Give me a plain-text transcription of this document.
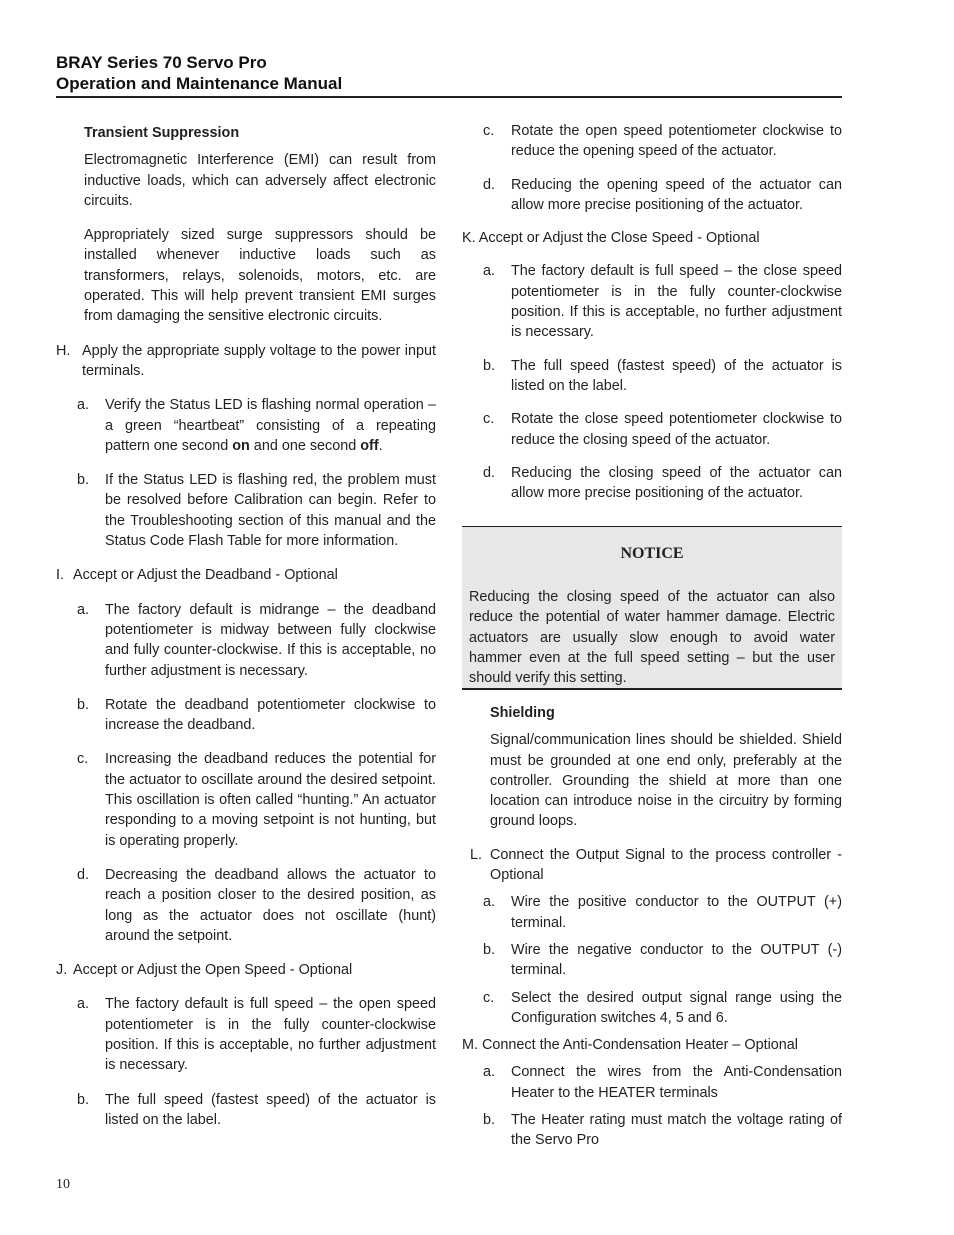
BRAY Series 70 Servo Pro
Operation and Maintenance Manual
Transient Suppression
Electromagnetic Interference (EMI) can result from inductive loads, which can adversely affect electronic circuits.
Appropriately sized surge suppressors should be installed whenever inductive loads such as transformers, relays, solenoids, motors, etc. are operated. This will help prevent transient EMI surges from damaging the sensitive electronic circuits.
H. Apply the appropriate supply voltage to the power input terminals.
a. Verify the Status LED is flashing normal operation – a green “heartbeat” consisting of a repeating pattern one second on and one second off.
b. If the Status LED is flashing red, the problem must be resolved before Calibration can begin. Refer to the Troubleshooting section of this manual and the Status Code Flash Table for more information.
I. Accept or Adjust the Deadband - Optional
a. The factory default is midrange – the deadband potentiometer is midway between fully clockwise and fully counter-clockwise. If this is acceptable, no further adjustment is necessary.
b. Rotate the deadband potentiometer clockwise to increase the deadband.
c. Increasing the deadband reduces the potential for the actuator to oscillate around the desired setpoint. This oscillation is often called “hunting.” An actuator responding to a moving setpoint is not hunting, but is operating properly.
d. Decreasing the deadband allows the actuator to reach a position closer to the desired position, as long as the actuator does not oscillate (hunt) around the setpoint.
J. Accept or Adjust the Open Speed - Optional
a. The factory default is full speed – the open speed potentiometer is in the fully counter-clockwise position. If this is acceptable, no further adjustment is necessary.
b. The full speed (fastest speed) of the actuator is listed on the label.
c. Rotate the open speed potentiometer clockwise to reduce the opening speed of the actuator.
d. Reducing the opening speed of the actuator can allow more precise positioning of the actuator.
K. Accept or Adjust the Close Speed - Optional
a. The factory default is full speed – the close speed potentiometer is in the fully counter-clockwise position. If this is acceptable, no further adjustment is necessary.
b. The full speed (fastest speed) of the actuator is listed on the label.
c. Rotate the close speed potentiometer clockwise to reduce the closing speed of the actuator.
d. Reducing the closing speed of the actuator can allow more precise positioning of the actuator.
NOTICE
Reducing the closing speed of the actuator can also reduce the potential of water hammer damage. Electric actuators are usually slow enough to avoid water hammer even at the full speed setting – but the user should verify this setting.
Shielding
Signal/communication lines should be shielded. Shield must be grounded at one end only, preferably at the controller. Grounding the shield at more than one location can introduce noise in the circuitry by forming ground loops.
L. Connect the Output Signal to the process controller - Optional
a. Wire the positive conductor to the OUTPUT (+) terminal.
b. Wire the negative conductor to the OUTPUT (-) terminal.
c. Select the desired output signal range using the Configuration switches 4, 5 and 6.
M. Connect the Anti-Condensation Heater – Optional
a. Connect the wires from the Anti-Condensation Heater to the HEATER terminals
b. The Heater rating must match the voltage rating of the Servo Pro
10
